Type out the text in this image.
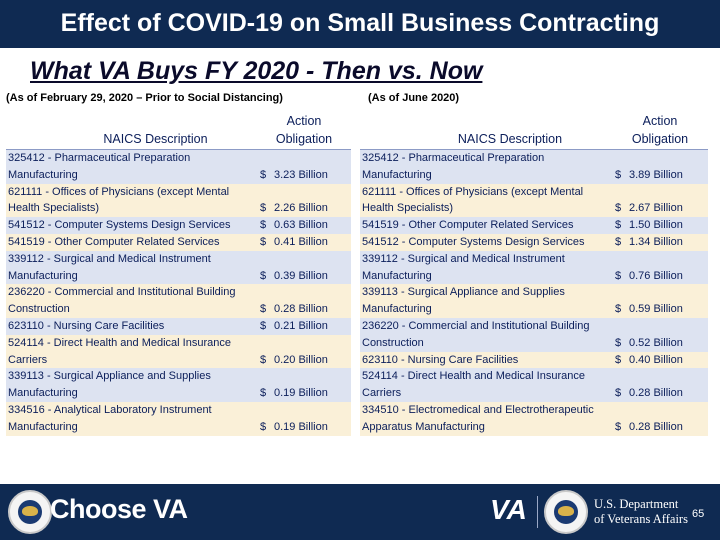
Effect of COVID-19 on Small Business Contracting
What VA Buys FY 2020 - Then vs. Now
(As of February 29, 2020 – Prior to Social Distancing)	(As of June 2020)
NAICS Description	Action
Obligation
325412 - Pharmaceutical Preparation Manufacturing	$ 3.23 Billion
621111 - Offices of Physicians (except Mental Health Specialists)	$ 2.26 Billion
541512 - Computer Systems Design Services	$ 0.63 Billion
541519 - Other Computer Related Services	$ 0.41 Billion
339112 - Surgical and Medical Instrument Manufacturing	$ 0.39 Billion
236220 - Commercial and Institutional Building Construction	$ 0.28 Billion
623110 - Nursing Care Facilities	$ 0.21 Billion
524114 - Direct Health and Medical Insurance Carriers	$ 0.20 Billion
339113 - Surgical Appliance and Supplies Manufacturing	$ 0.19 Billion
334516 - Analytical Laboratory Instrument Manufacturing	$ 0.19 Billion
NAICS Description	Action
Obligation
325412 - Pharmaceutical Preparation Manufacturing	$ 3.89 Billion
621111 - Offices of Physicians (except Mental Health Specialists)	$ 2.67 Billion
541519 - Other Computer Related Services	$ 1.50 Billion
541512 - Computer Systems Design Services	$ 1.34 Billion
339112 - Surgical and Medical Instrument Manufacturing	$ 0.76 Billion
339113 - Surgical Appliance and Supplies Manufacturing	$ 0.59 Billion
236220 - Commercial and Institutional Building Construction	$ 0.52 Billion
623110 - Nursing Care Facilities	$ 0.40 Billion
524114 - Direct Health and Medical Insurance Carriers	$ 0.28 Billion
334510 - Electromedical and Electrotherapeutic Apparatus Manufacturing	$ 0.28 Billion
Choose VA	VA	U.S. Department
of Veterans Affairs 65
